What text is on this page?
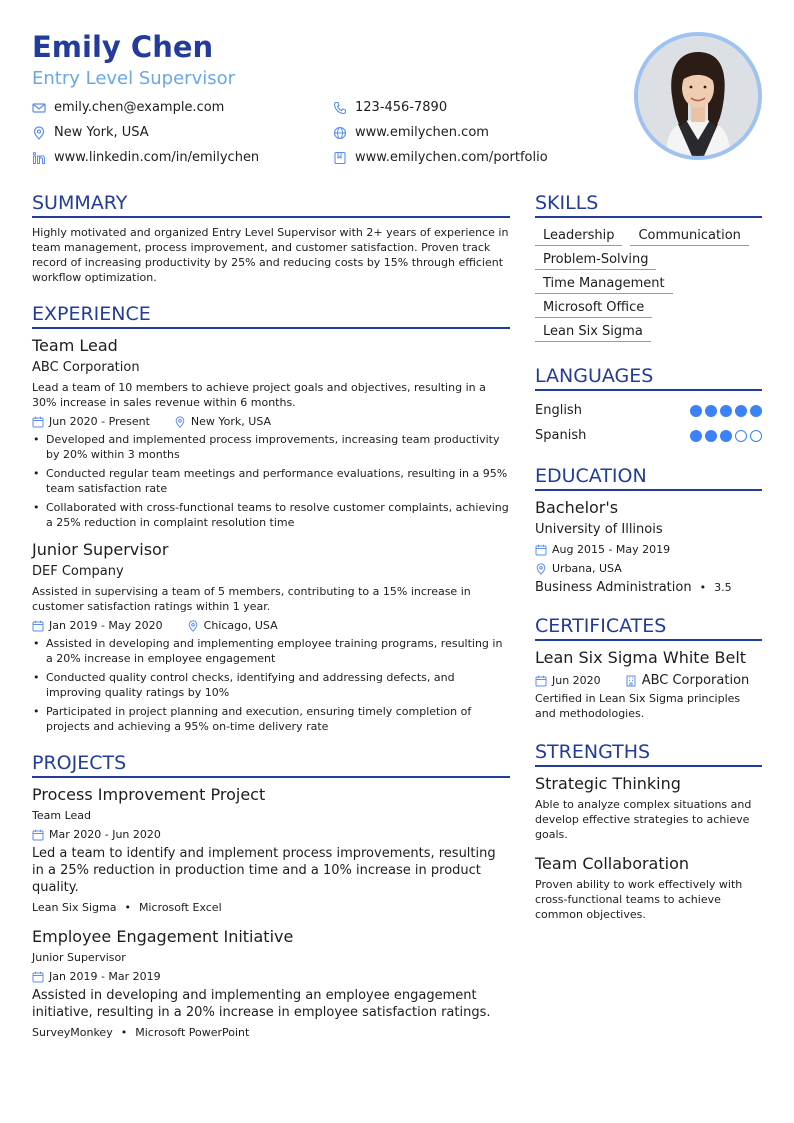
Emily Chen
Entry Level Supervisor
emily.chen@example.com	123-456-7890
New York, USA	www.emilychen.com
www.linkedin.com/in/emilychen	www.emilychen.com/portfolio
SUMMARY
Highly motivated and organized Entry Level Supervisor with 2+ years of experience in team management, process improvement, and customer satisfaction. Proven track record of increasing productivity by 25% and reducing costs by 15% through efficient workflow optimization.
EXPERIENCE
Team Lead
ABC Corporation
Lead a team of 10 members to achieve project goals and objectives, resulting in a 30% increase in sales revenue within 6 months.
Jun 2020 - Present	New York, USA
• Developed and implemented process improvements, increasing team productivity by 20% within 3 months
• Conducted regular team meetings and performance evaluations, resulting in a 95% team satisfaction rate
• Collaborated with cross-functional teams to resolve customer complaints, achieving a 25% reduction in complaint resolution time
Junior Supervisor
DEF Company
Assisted in supervising a team of 5 members, contributing to a 15% increase in customer satisfaction ratings within 1 year.
Jan 2019 - May 2020	Chicago, USA
• Assisted in developing and implementing employee training programs, resulting in a 20% increase in employee engagement
• Conducted quality control checks, identifying and addressing defects, and improving quality ratings by 10%
• Participated in project planning and execution, ensuring timely completion of projects and achieving a 95% on-time delivery rate
PROJECTS
Process Improvement Project
Team Lead
Mar 2020 - Jun 2020
Led a team to identify and implement process improvements, resulting in a 25% reduction in production time and a 10% increase in product quality.
Lean Six Sigma • Microsoft Excel
Employee Engagement Initiative
Junior Supervisor
Jan 2019 - Mar 2019
Assisted in developing and implementing an employee engagement initiative, resulting in a 20% increase in employee satisfaction ratings.
SurveyMonkey • Microsoft PowerPoint
SKILLS
Leadership	Communication
Problem-Solving
Time Management
Microsoft Office
Lean Six Sigma
LANGUAGES
English
Spanish
EDUCATION
Bachelor's
University of Illinois
Aug 2015 - May 2019
Urbana, USA
Business Administration • 3.5
CERTIFICATES
Lean Six Sigma White Belt
Jun 2020	ABC Corporation
Certified in Lean Six Sigma principles and methodologies.
STRENGTHS
Strategic Thinking
Able to analyze complex situations and develop effective strategies to achieve goals.
Team Collaboration
Proven ability to work effectively with cross-functional teams to achieve common objectives.
